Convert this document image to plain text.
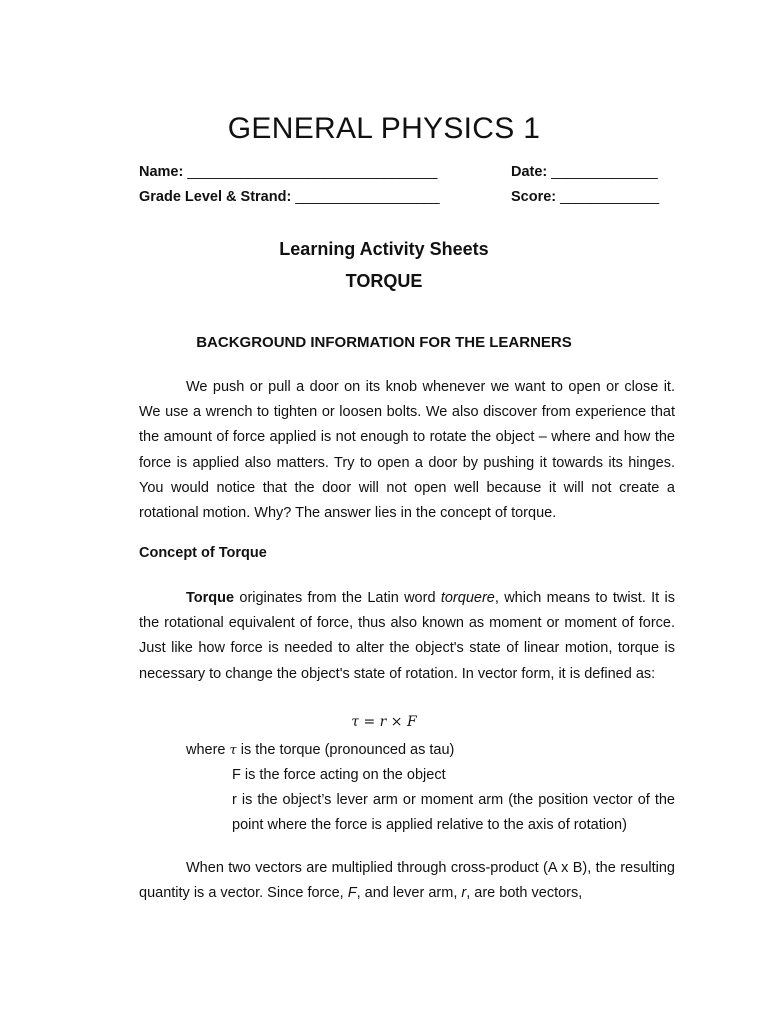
GENERAL PHYSICS 1
Name: _________________________________	Date: ______________
Grade Level & Strand: ___________________	Score: _____________
Learning Activity Sheets
TORQUE
BACKGROUND INFORMATION FOR THE LEARNERS

We push or pull a door on its knob whenever we want to open or close it. We use a wrench to tighten or loosen bolts. We also discover from experience that the amount of force applied is not enough to rotate the object – where and how the force is applied also matters. Try to open a door by pushing it towards its hinges. You would notice that the door will not open well because it will not create a rotational motion. Why? The answer lies in the concept of torque.

Concept of Torque

Torque originates from the Latin word torquere, which means to twist. It is the rotational equivalent of force, thus also known as moment or moment of force. Just like how force is needed to alter the object's state of linear motion, torque is necessary to change the object's state of rotation. In vector form, it is defined as:

τ = r × F
where τ is the torque (pronounced as tau)
F is the force acting on the object
r is the object’s lever arm or moment arm (the position vector of the point where the force is applied relative to the axis of rotation)

When two vectors are multiplied through cross-product (A x B), the resulting quantity is a vector. Since force, F, and lever arm, r, are both vectors,
